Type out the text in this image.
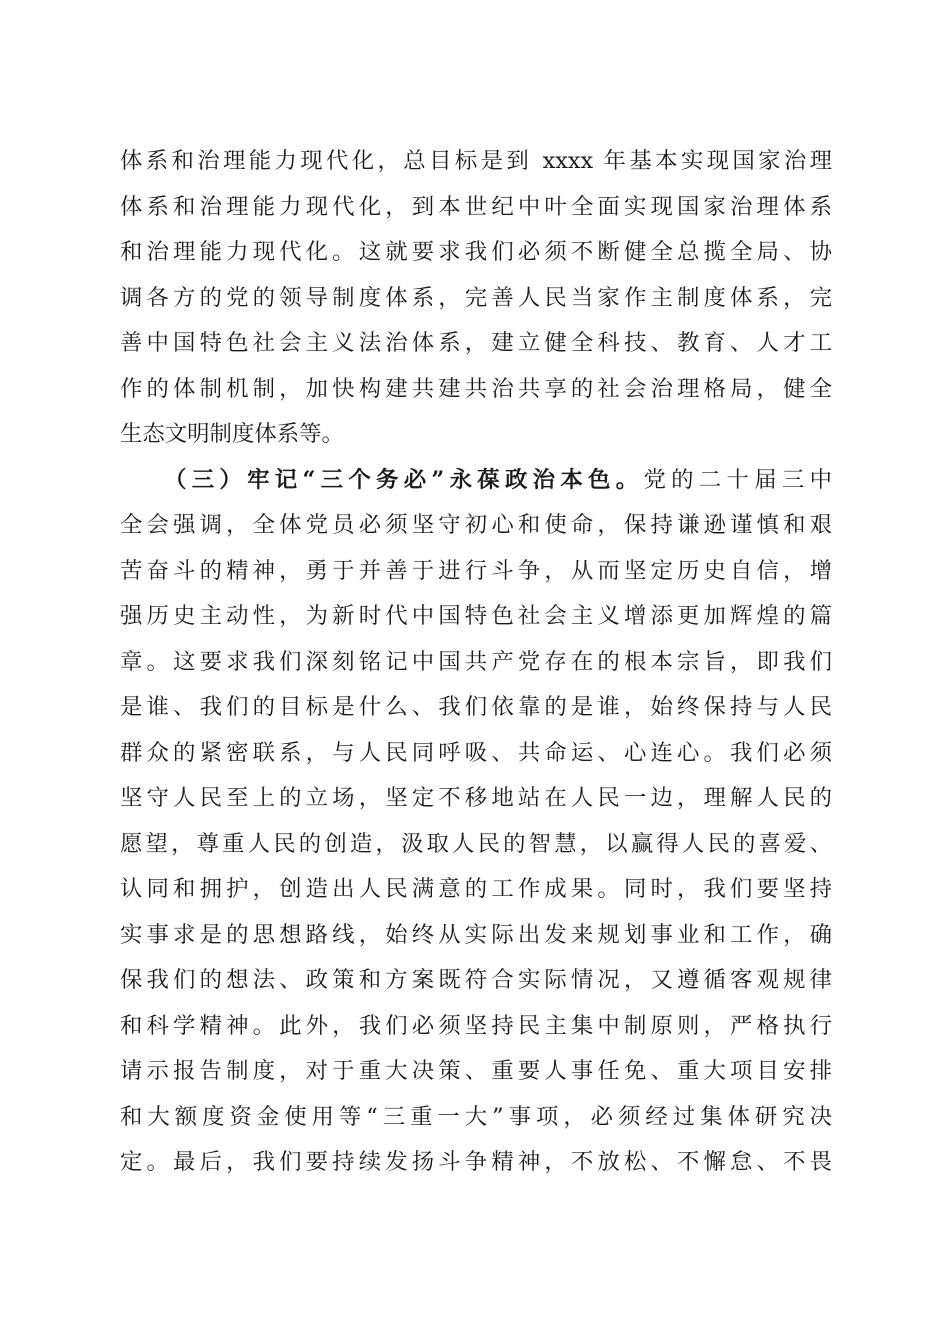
体系和治理能力现代化，总目标是到 xxxx 年基本实现国家治理
体系和治理能力现代化，到本世纪中叶全面实现国家治理体系
和治理能力现代化。这就要求我们必须不断健全总揽全局、协
调各方的党的领导制度体系，完善人民当家作主制度体系，完
善中国特色社会主义法治体系，建立健全科技、教育、人才工
作的体制机制，加快构建共建共治共享的社会治理格局，健全
生态文明制度体系等。
（三）牢记“三个务必”永葆政治本色。党的二十届三中
全会强调，全体党员必须坚守初心和使命，保持谦逊谨慎和艰
苦奋斗的精神，勇于并善于进行斗争，从而坚定历史自信，增
强历史主动性，为新时代中国特色社会主义增添更加辉煌的篇
章。这要求我们深刻铭记中国共产党存在的根本宗旨，即我们
是谁、我们的目标是什么、我们依靠的是谁，始终保持与人民
群众的紧密联系，与人民同呼吸、共命运、心连心。我们必须
坚守人民至上的立场，坚定不移地站在人民一边，理解人民的
愿望，尊重人民的创造，汲取人民的智慧，以赢得人民的喜爱、
认同和拥护，创造出人民满意的工作成果。同时，我们要坚持
实事求是的思想路线，始终从实际出发来规划事业和工作，确
保我们的想法、政策和方案既符合实际情况，又遵循客观规律
和科学精神。此外，我们必须坚持民主集中制原则，严格执行
请示报告制度，对于重大决策、重要人事任免、重大项目安排
和大额度资金使用等“三重一大”事项，必须经过集体研究决
定。最后，我们要持续发扬斗争精神，不放松、不懈怠、不畏
